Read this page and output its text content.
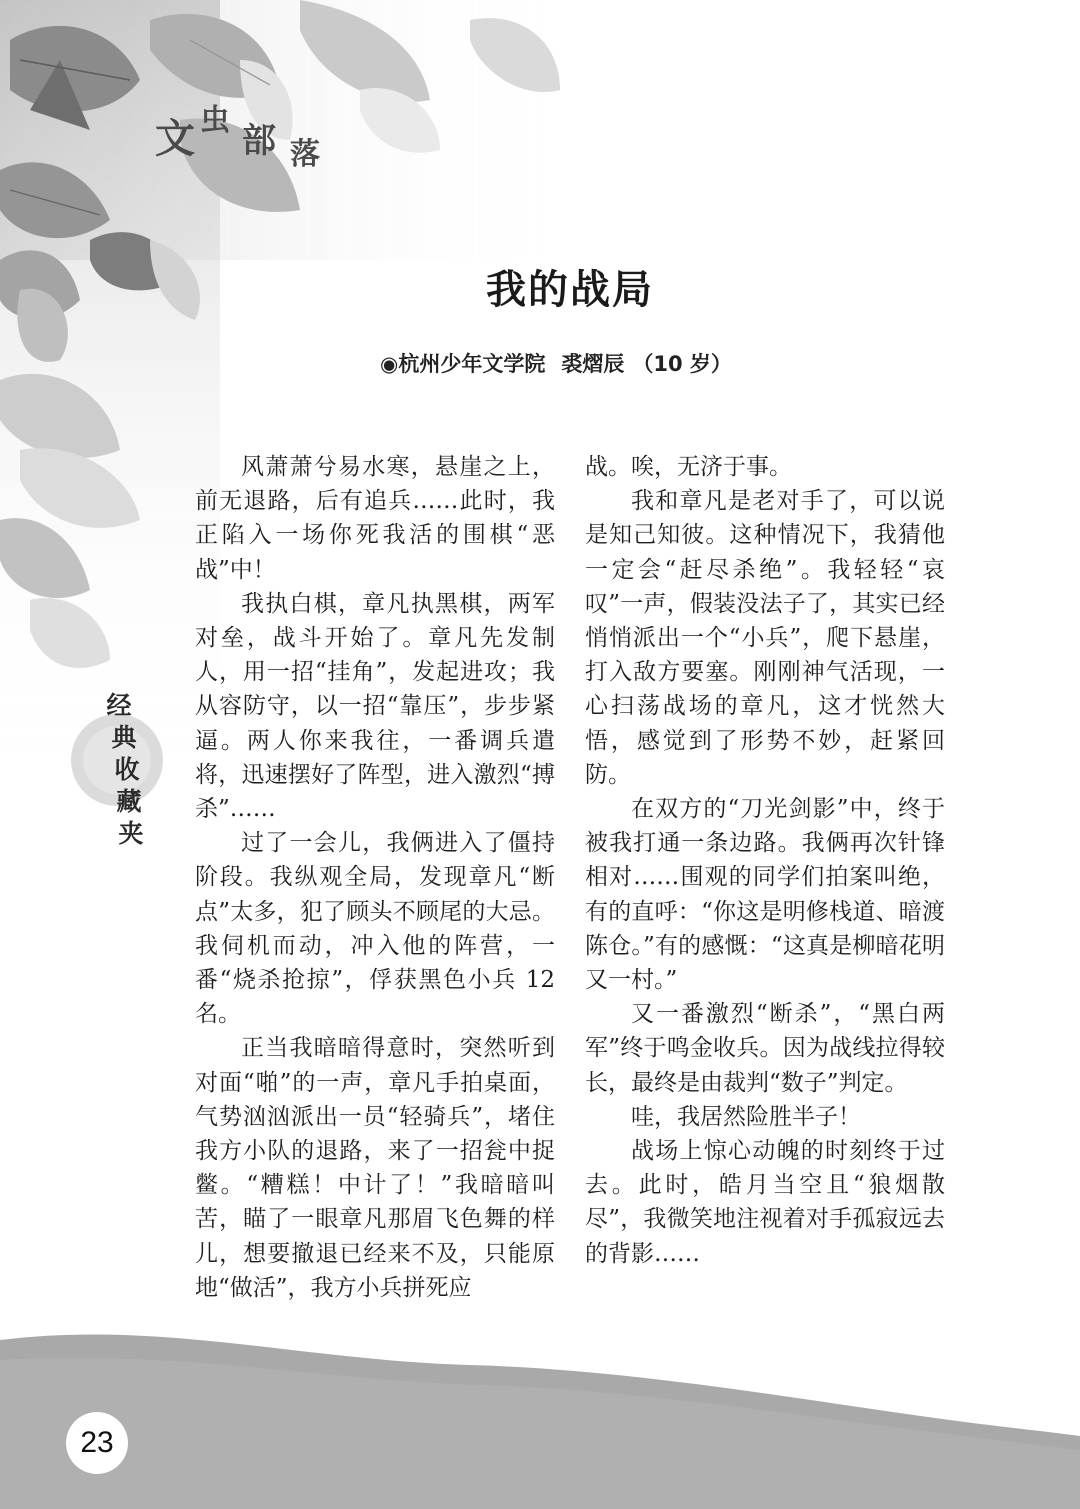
文 虫
部 落
我的战局
◉杭州少年文学院 裘熠辰 （10 岁）
经
典
收
藏
夹

风萧萧兮易水寒，悬崖之上，前无退路，后有追兵……此时，我正陷入一场你死我活的围棋“恶战”中！

我执白棋，章凡执黑棋，两军对垒，战斗开始了。章凡先发制人，用一招“挂角”，发起进攻；我从容防守，以一招“靠压”，步步紧逼。两人你来我往，一番调兵遣将，迅速摆好了阵型，进入激烈“搏杀”……

过了一会儿，我俩进入了僵持阶段。我纵观全局，发现章凡“断点”太多，犯了顾头不顾尾的大忌。我伺机而动，冲入他的阵营，一番“烧杀抢掠”，俘获黑色小兵 12 名。

正当我暗暗得意时，突然听到对面“啪”的一声，章凡手拍桌面，气势汹汹派出一员“轻骑兵”，堵住我方小队的退路，来了一招瓮中捉鳖。“糟糕！中计了！”我暗暗叫苦，瞄了一眼章凡那眉飞色舞的样儿，想要撤退已经来不及，只能原地“做活”，我方小兵拼死应

战。唉，无济于事。

我和章凡是老对手了，可以说是知己知彼。这种情况下，我猜他一定会“赶尽杀绝”。我轻轻“哀叹”一声，假装没法子了，其实已经悄悄派出一个“小兵”，爬下悬崖，打入敌方要塞。刚刚神气活现，一心扫荡战场的章凡，这才恍然大悟，感觉到了形势不妙，赶紧回防。

在双方的“刀光剑影”中，终于被我打通一条边路。我俩再次针锋相对……围观的同学们拍案叫绝，有的直呼：“你这是明修栈道、暗渡陈仓。”有的感慨：“这真是柳暗花明又一村。”

又一番激烈“断杀”，“黑白两军”终于鸣金收兵。因为战线拉得较长，最终是由裁判“数子”判定。

哇，我居然险胜半子！

战场上惊心动魄的时刻终于过去。此时，皓月当空且“狼烟散尽”，我微笑地注视着对手孤寂远去的背影……

23
